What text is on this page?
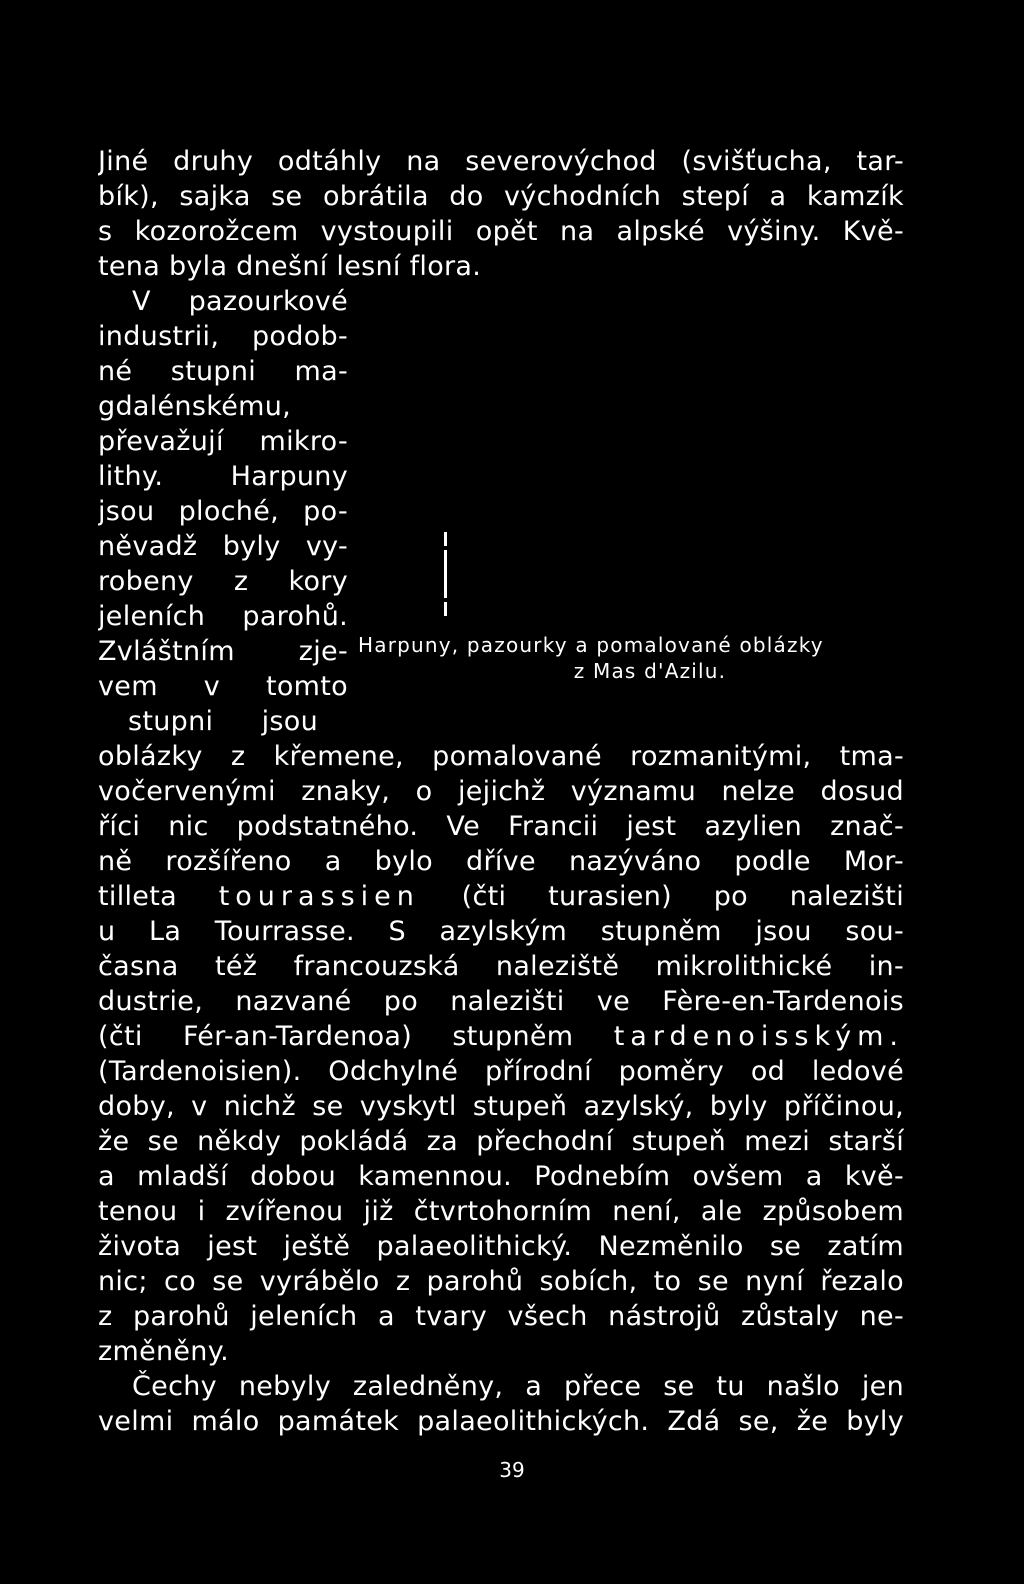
Jiné druhy odtáhly na severovýchod (svišťucha, tar-
bík), sajka se obrátila do východních stepí a kamzík
s kozorožcem vystoupili opět na alpské výšiny. Kvě-
tena byla dnešní lesní flora.
V pazourkové
industrii, podob-
né stupni ma-
gdalénskému,
převažují mikro-
lithy. Harpuny
jsou ploché, po-
něvadž byly vy-
robeny z kory
jeleních parohů.
Zvláštním zje-
vem v tomto
stupni jsou
oblázky z křemene, pomalované rozmanitými, tma-
vočervenými znaky, o jejichž významu nelze dosud
říci nic podstatného. Ve Francii jest azylien znač-
ně rozšířeno a bylo dříve nazýváno podle Mor-
tilleta tourassien (čti turasien) po nalezišti
u La Tourrasse. S azylským stupněm jsou sou-
časna též francouzská naleziště mikrolithické in-
dustrie, nazvané po nalezišti ve Fère-en-Tardenois
(čti Fér-an-Tardenoa) stupněm tardenoisským.
(Tardenoisien). Odchylné přírodní poměry od ledové
doby, v nichž se vyskytl stupeň azylský, byly příčinou,
že se někdy pokládá za přechodní stupeň mezi starší
a mladší dobou kamennou. Podnebím ovšem a kvě-
tenou i zvířenou již čtvrtohorním není, ale způsobem
života jest ještě palaeolithický. Nezměnilo se zatím
nic; co se vyrábělo z parohů sobích, to se nyní řezalo
z parohů jeleních a tvary všech nástrojů zůstaly ne-
změněny.
Čechy nebyly zaledněny, a přece se tu našlo jen
velmi málo památek palaeolithických. Zdá se, že byly
Harpuny, pazourky a pomalované oblázky
z Mas d'Azilu.
39
